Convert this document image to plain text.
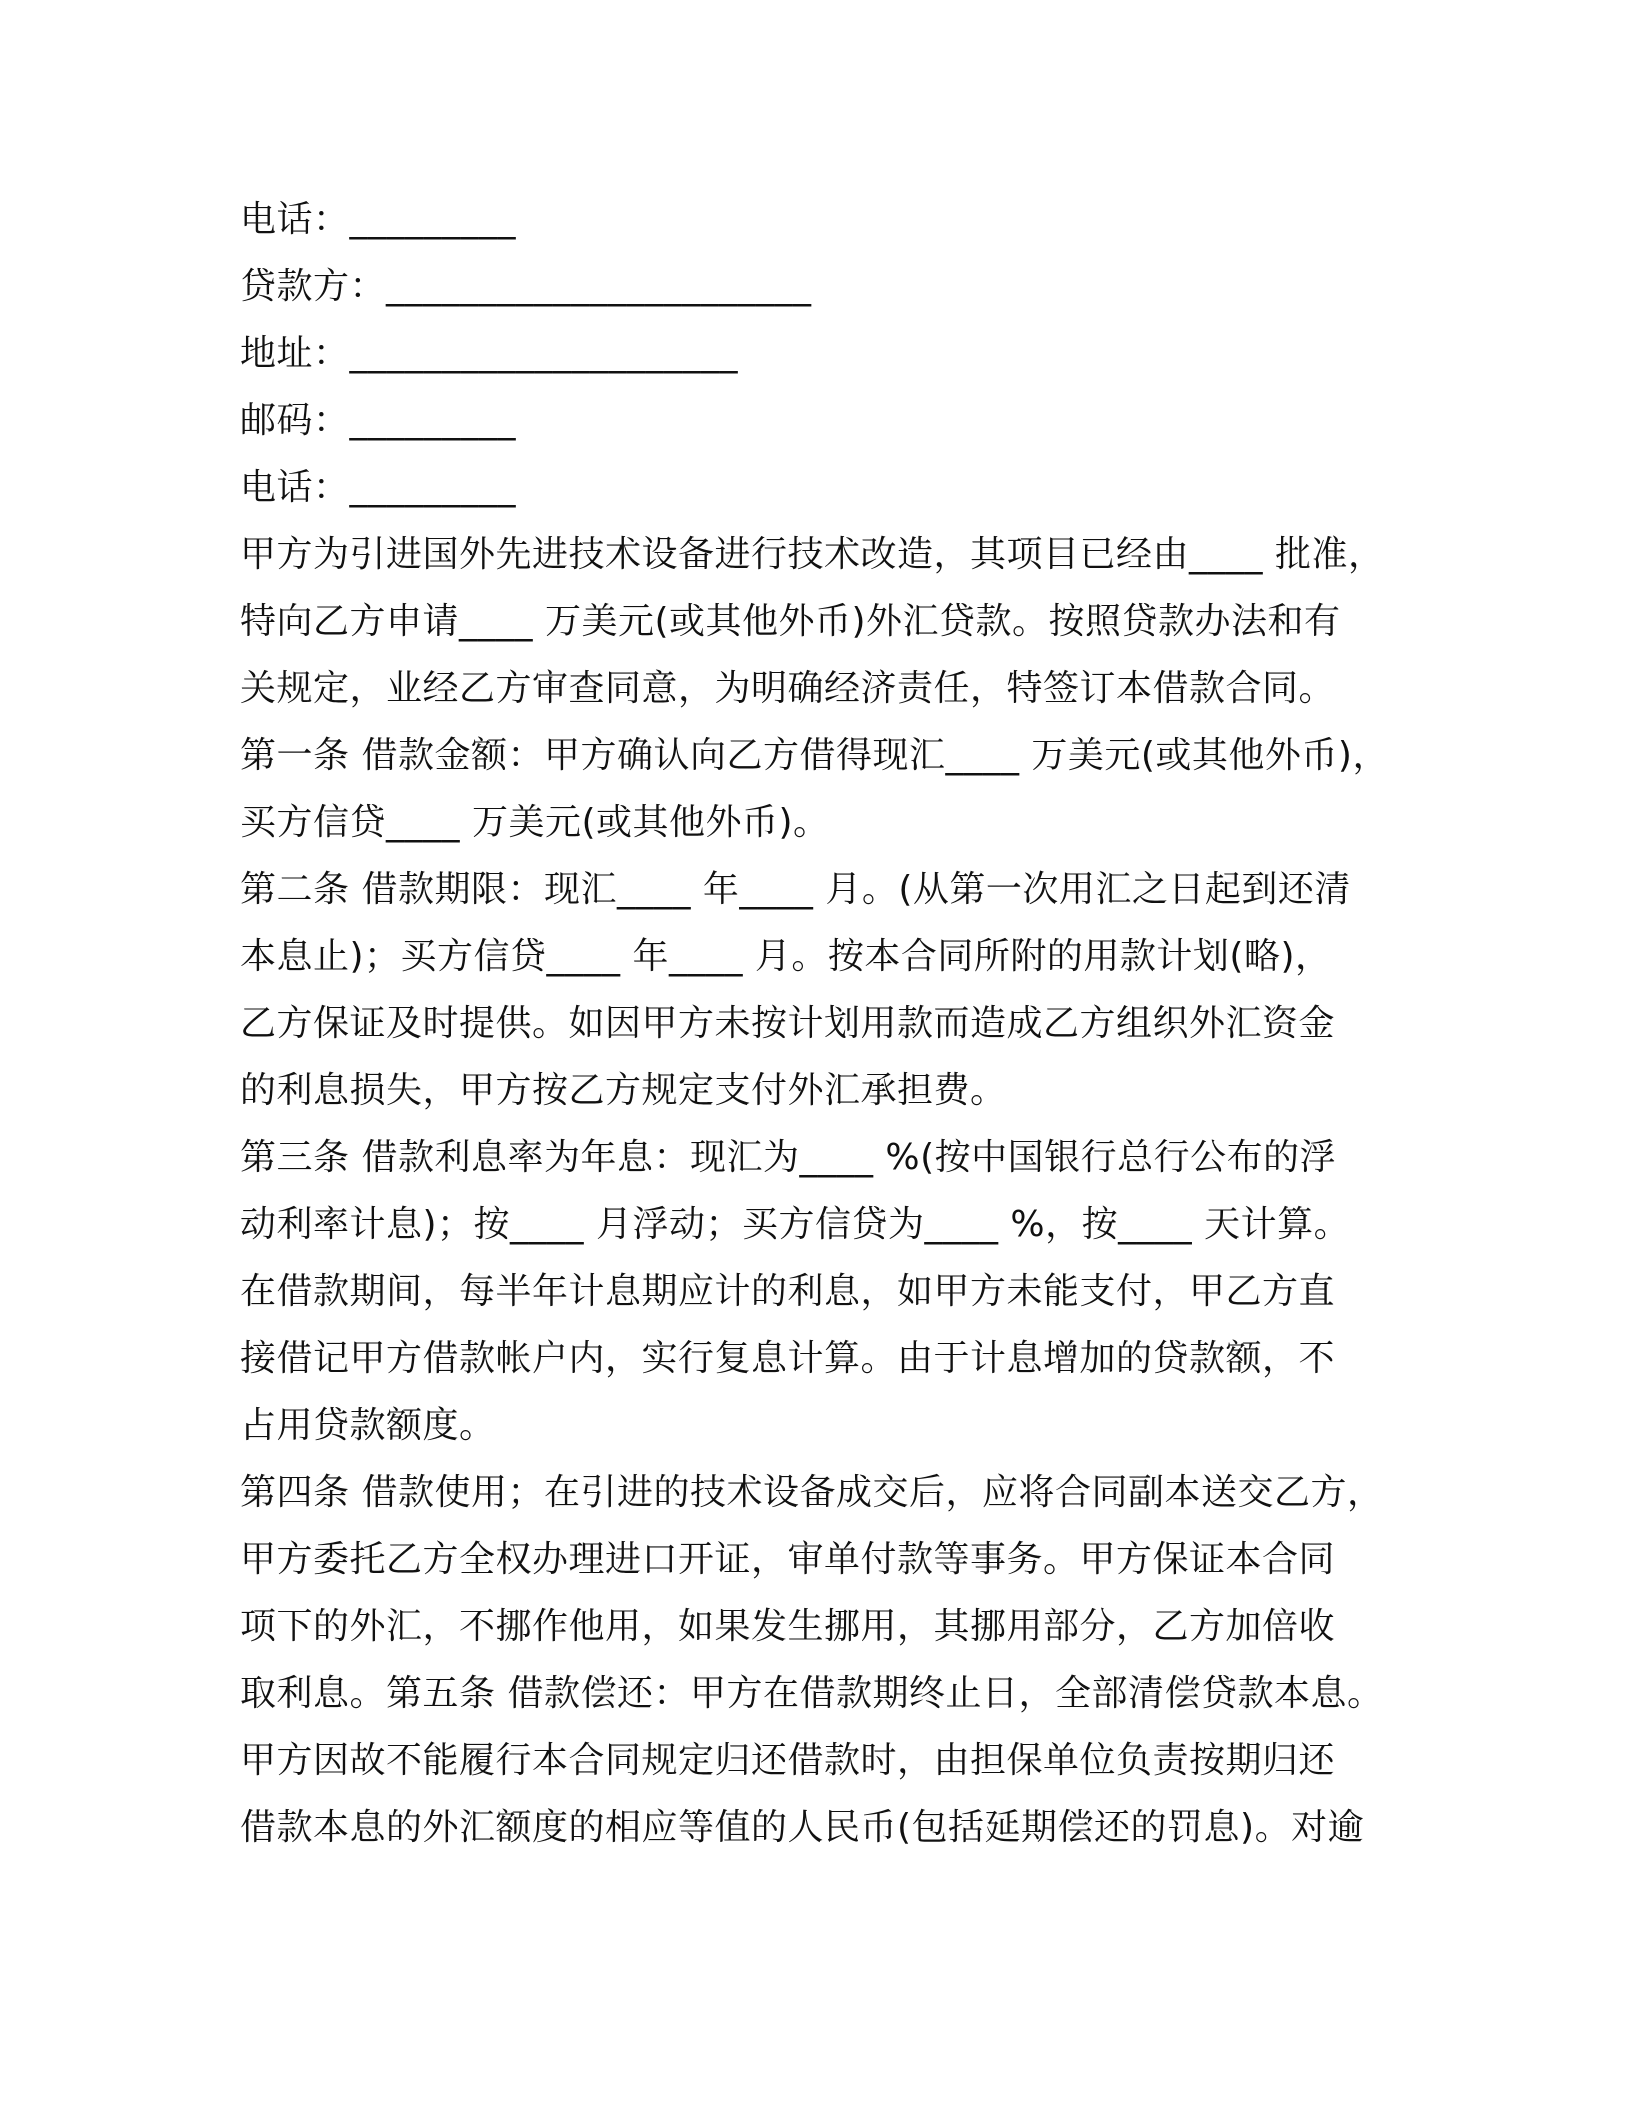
电话：_________
贷款方：_______________________
地址：_____________________
邮码：_________
电话：_________
甲方为引进国外先进技术设备进行技术改造，其项目已经由____ 批准，
特向乙方申请____ 万美元(或其他外币)外汇贷款。按照贷款办法和有
关规定，业经乙方审查同意，为明确经济责任，特签订本借款合同。
第一条 借款金额：甲方确认向乙方借得现汇____ 万美元(或其他外币)，
买方信贷____ 万美元(或其他外币)。
第二条 借款期限：现汇____ 年____ 月。(从第一次用汇之日起到还清
本息止)；买方信贷____ 年____ 月。按本合同所附的用款计划(略)，
乙方保证及时提供。如因甲方未按计划用款而造成乙方组织外汇资金
的利息损失，甲方按乙方规定支付外汇承担费。
第三条 借款利息率为年息：现汇为____ %(按中国银行总行公布的浮
动利率计息)；按____ 月浮动；买方信贷为____ %，按____ 天计算。
在借款期间，每半年计息期应计的利息，如甲方未能支付，甲乙方直
接借记甲方借款帐户内，实行复息计算。由于计息增加的贷款额，不
占用贷款额度。
第四条 借款使用；在引进的技术设备成交后，应将合同副本送交乙方，
甲方委托乙方全权办理进口开证，审单付款等事务。甲方保证本合同
项下的外汇，不挪作他用，如果发生挪用，其挪用部分，乙方加倍收
取利息。第五条 借款偿还：甲方在借款期终止日，全部清偿贷款本息。
甲方因故不能履行本合同规定归还借款时，由担保单位负责按期归还
借款本息的外汇额度的相应等值的人民币(包括延期偿还的罚息)。对逾
